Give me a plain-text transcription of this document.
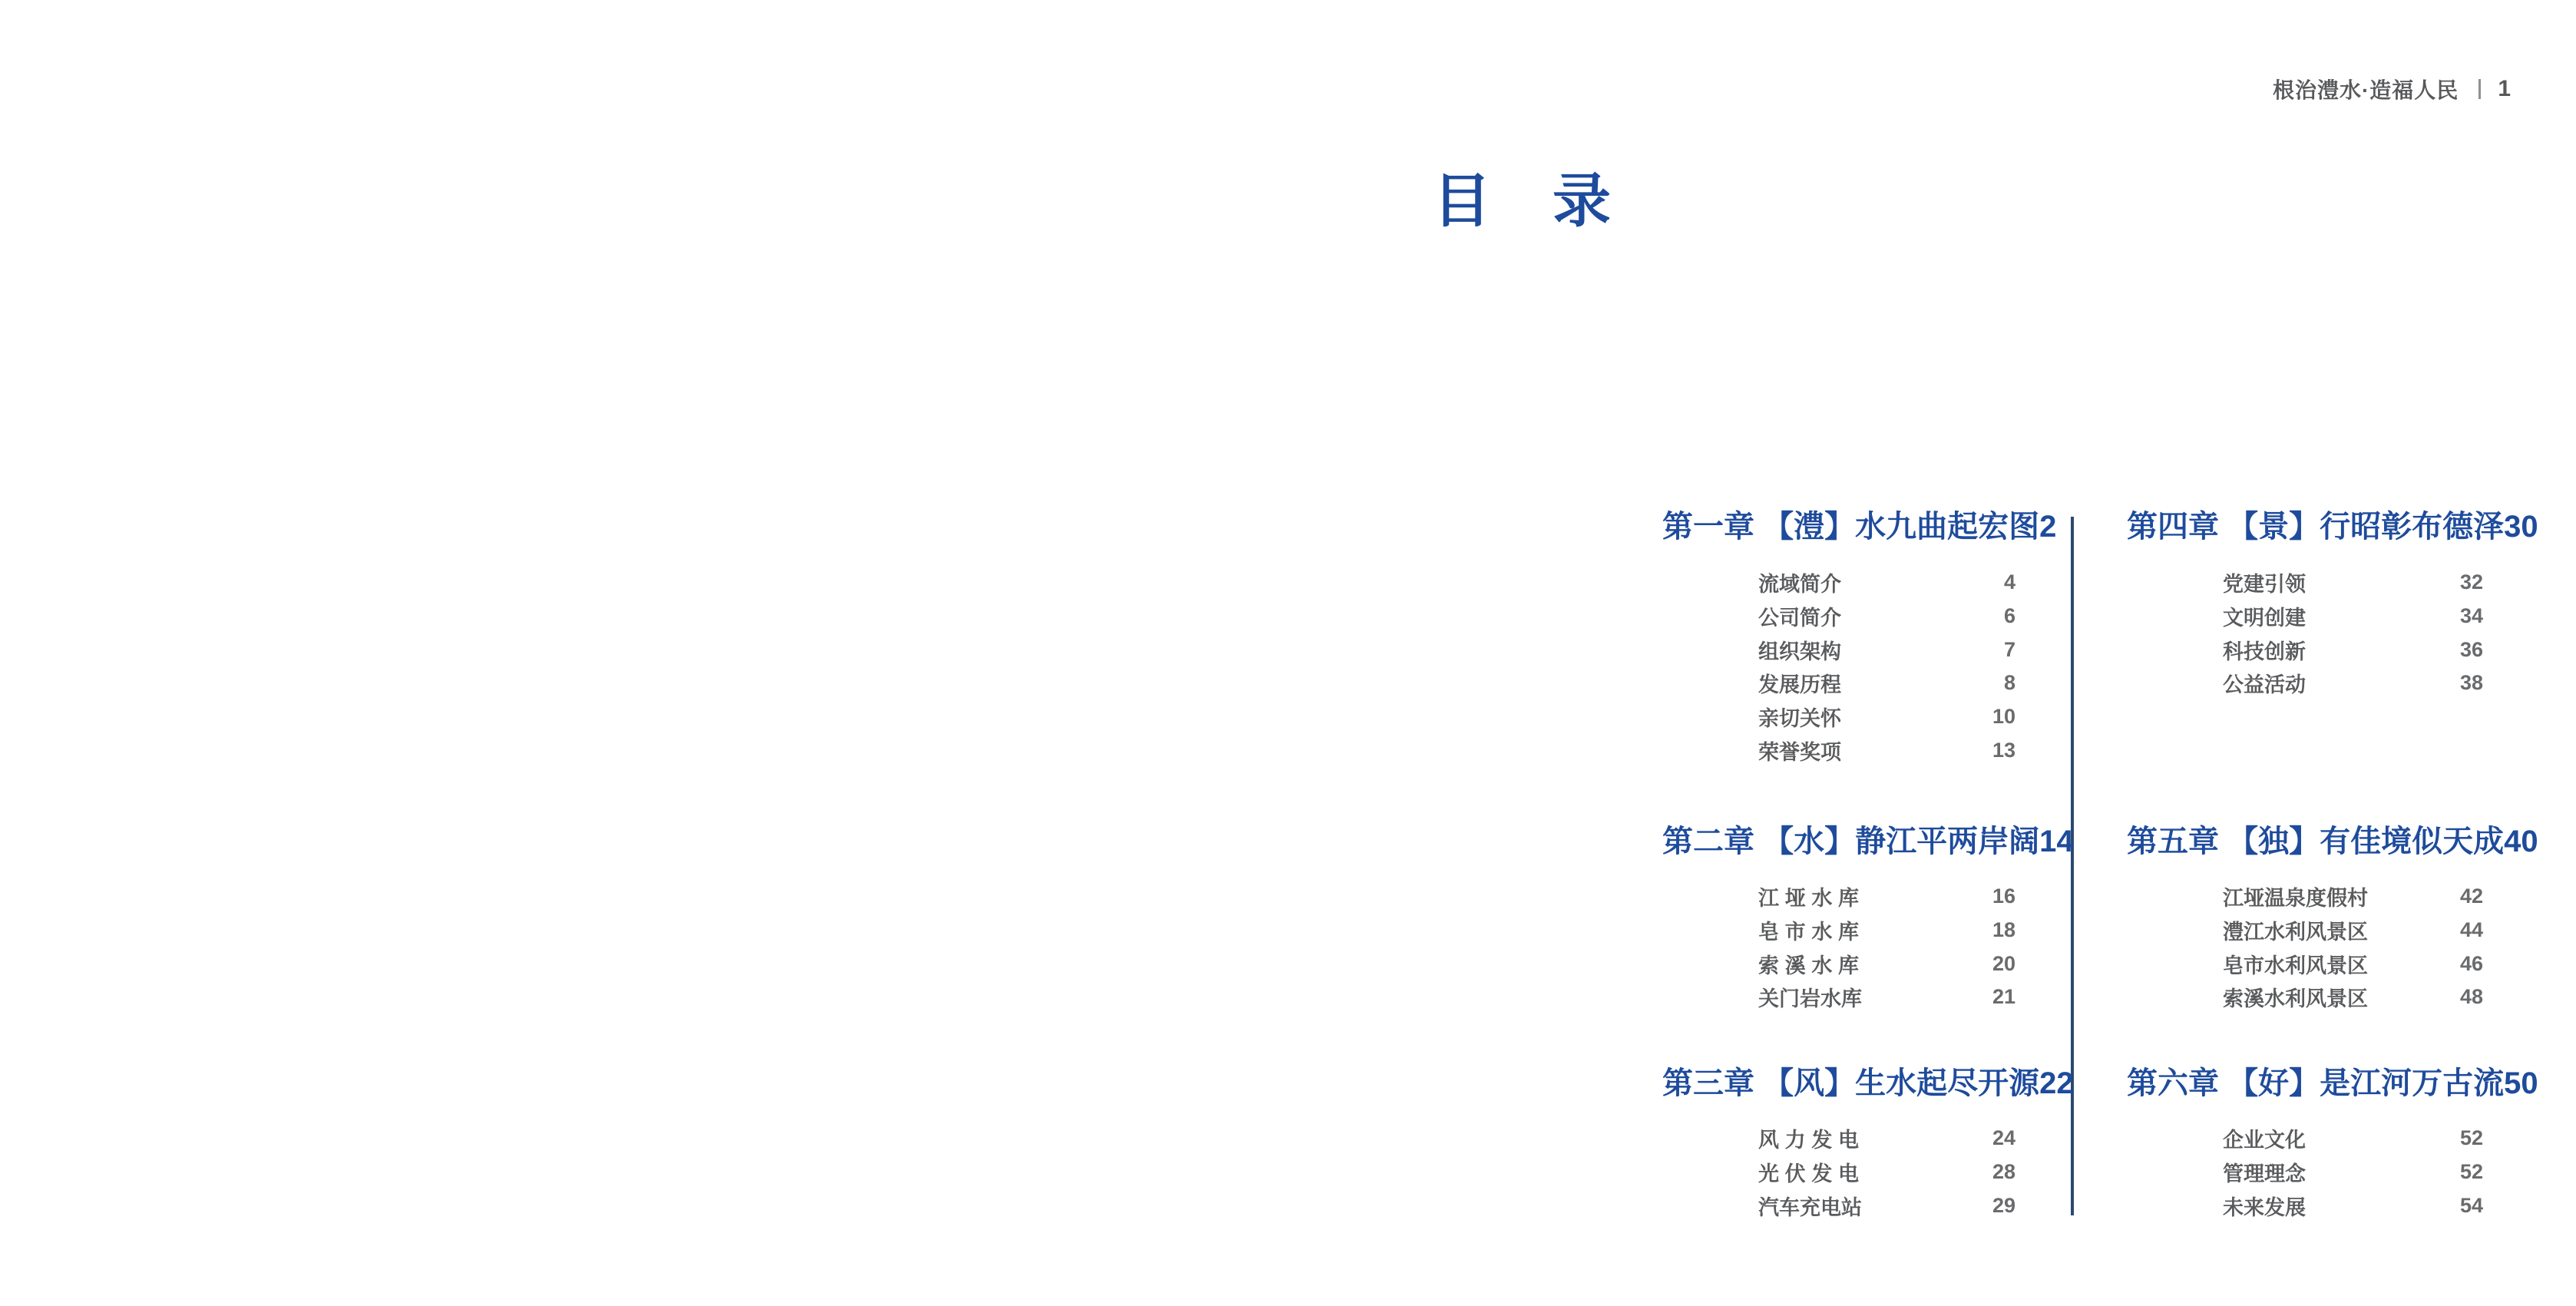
根治澧水·造福人民 1
目　录
第一章 【澧】水九曲起宏图 2
流域简介	4
公司简介	6
组织架构	7
发展历程	8
亲切关怀	10
荣誉奖项	13
第二章 【水】静江平两岸阔 14
江垭水库	16
皂市水库	18
索溪水库	20
关门岩水库	21
第三章 【风】生水起尽开源 22
风力发电	24
光伏发电	28
汽车充电站	29
第四章 【景】行昭彰布德泽 30
党建引领	32
文明创建	34
科技创新	36
公益活动	38
第五章 【独】有佳境似天成 40
江垭温泉度假村	42
澧江水利风景区	44
皂市水利风景区	46
索溪水利风景区	48
第六章 【好】是江河万古流 50
企业文化	52
管理理念	52
未来发展	54
